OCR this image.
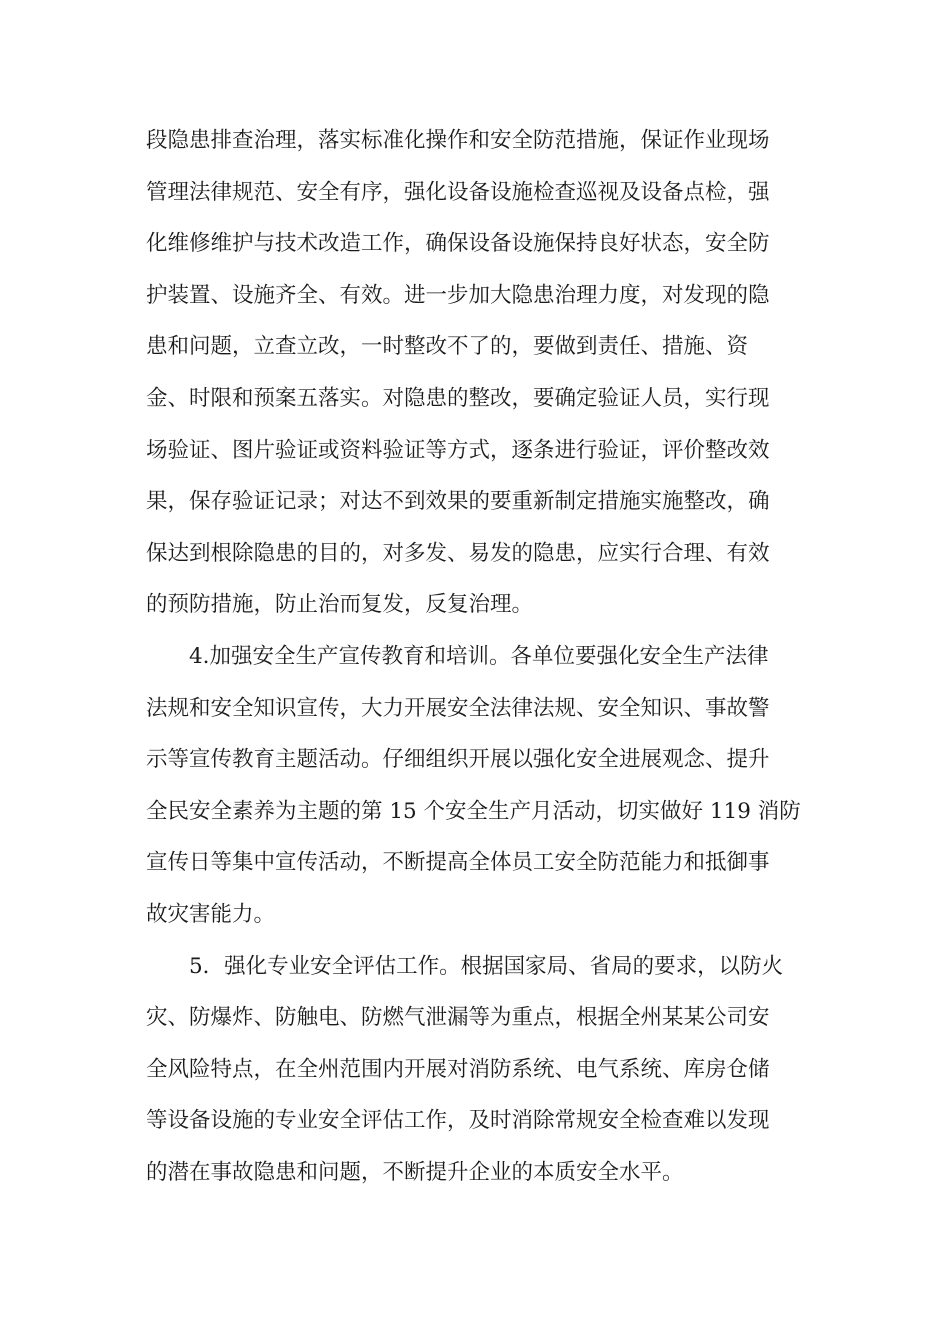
段隐患排查治理，落实标准化操作和安全防范措施，保证作业现场
管理法律规范、安全有序，强化设备设施检查巡视及设备点检，强
化维修维护与技术改造工作，确保设备设施保持良好状态，安全防
护装置、设施齐全、有效。进一步加大隐患治理力度，对发现的隐
患和问题，立查立改，一时整改不了的，要做到责任、措施、资
金、时限和预案五落实。对隐患的整改，要确定验证人员，实行现
场验证、图片验证或资料验证等方式，逐条进行验证，评价整改效
果，保存验证记录；对达不到效果的要重新制定措施实施整改，确
保达到根除隐患的目的，对多发、易发的隐患，应实行合理、有效
的预防措施，防止治而复发，反复治理。
4.加强安全生产宣传教育和培训。各单位要强化安全生产法律
法规和安全知识宣传，大力开展安全法律法规、安全知识、事故警
示等宣传教育主题活动。仔细组织开展以强化安全进展观念、提升
全民安全素养为主题的第 15 个安全生产月活动，切实做好 119 消防
宣传日等集中宣传活动，不断提高全体员工安全防范能力和抵御事
故灾害能力。
5．强化专业安全评估工作。根据国家局、省局的要求，以防火
灾、防爆炸、防触电、防燃气泄漏等为重点，根据全州某某公司安
全风险特点，在全州范围内开展对消防系统、电气系统、库房仓储
等设备设施的专业安全评估工作，及时消除常规安全检查难以发现
的潜在事故隐患和问题，不断提升企业的本质安全水平。
